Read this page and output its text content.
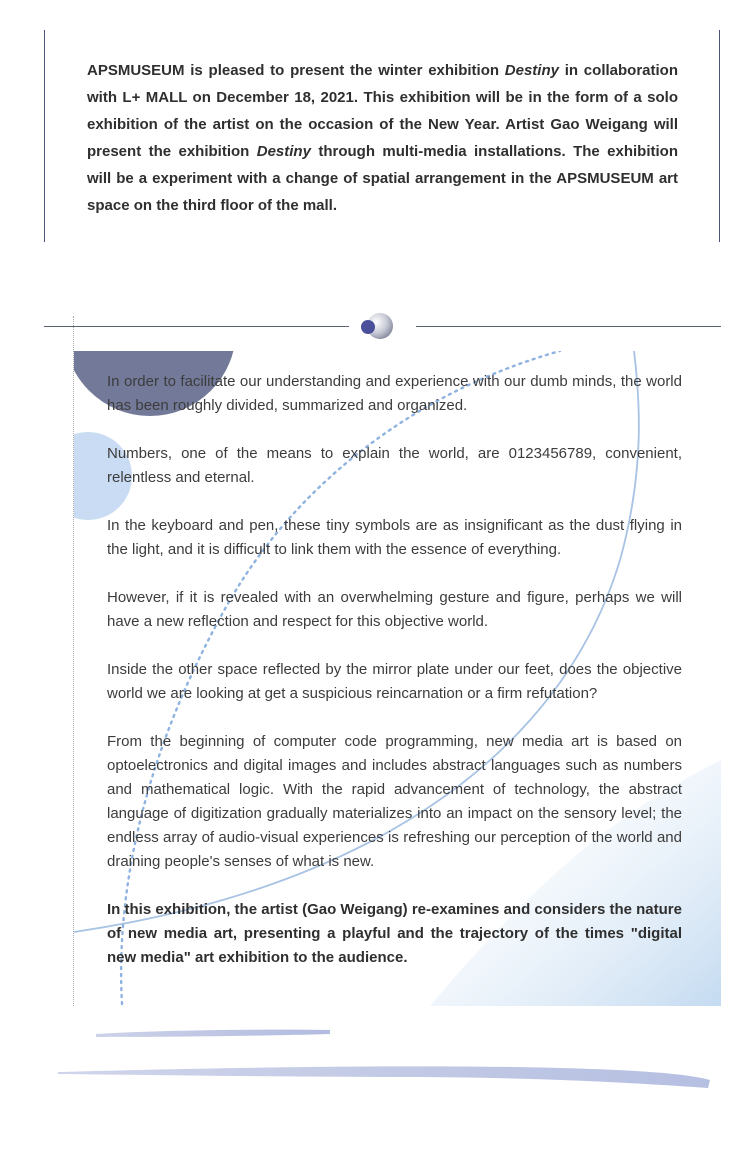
APSMUSEUM is pleased to present the winter exhibition Destiny in collaboration with L+ MALL on December 18, 2021. This exhibition will be in the form of a solo exhibition of the artist on the occasion of the New Year. Artist Gao Weigang will present the exhibition Destiny through multi-media installations. The exhibition will be a experiment with a change of spatial arrangement in the APSMUSEUM art space on the third floor of the mall.

In order to facilitate our understanding and experience with our dumb minds, the world has been roughly divided, summarized and organized.

Numbers, one of the means to explain the world, are 0123456789, convenient, relentless and eternal.

In the keyboard and pen, these tiny symbols are as insignificant as the dust flying in the light, and it is difficult to link them with the essence of everything.

However, if it is revealed with an overwhelming gesture and figure, perhaps we will have a new reflection and respect for this objective world.

Inside the other space reflected by the mirror plate under our feet, does the objective world we are looking at get a suspicious reincarnation or a firm refutation?

From the beginning of computer code programming, new media art is based on optoelectronics and digital images and includes abstract languages such as numbers and mathematical logic. With the rapid advancement of technology, the abstract language of digitization gradually materializes into an impact on the sensory level; the endless array of audio-visual experiences is refreshing our perception of the world and draining people's senses of what is new.

In this exhibition, the artist (Gao Weigang) re-examines and considers the nature of new media art, presenting a playful and the trajectory of the times "digital new media" art exhibition to the audience.
